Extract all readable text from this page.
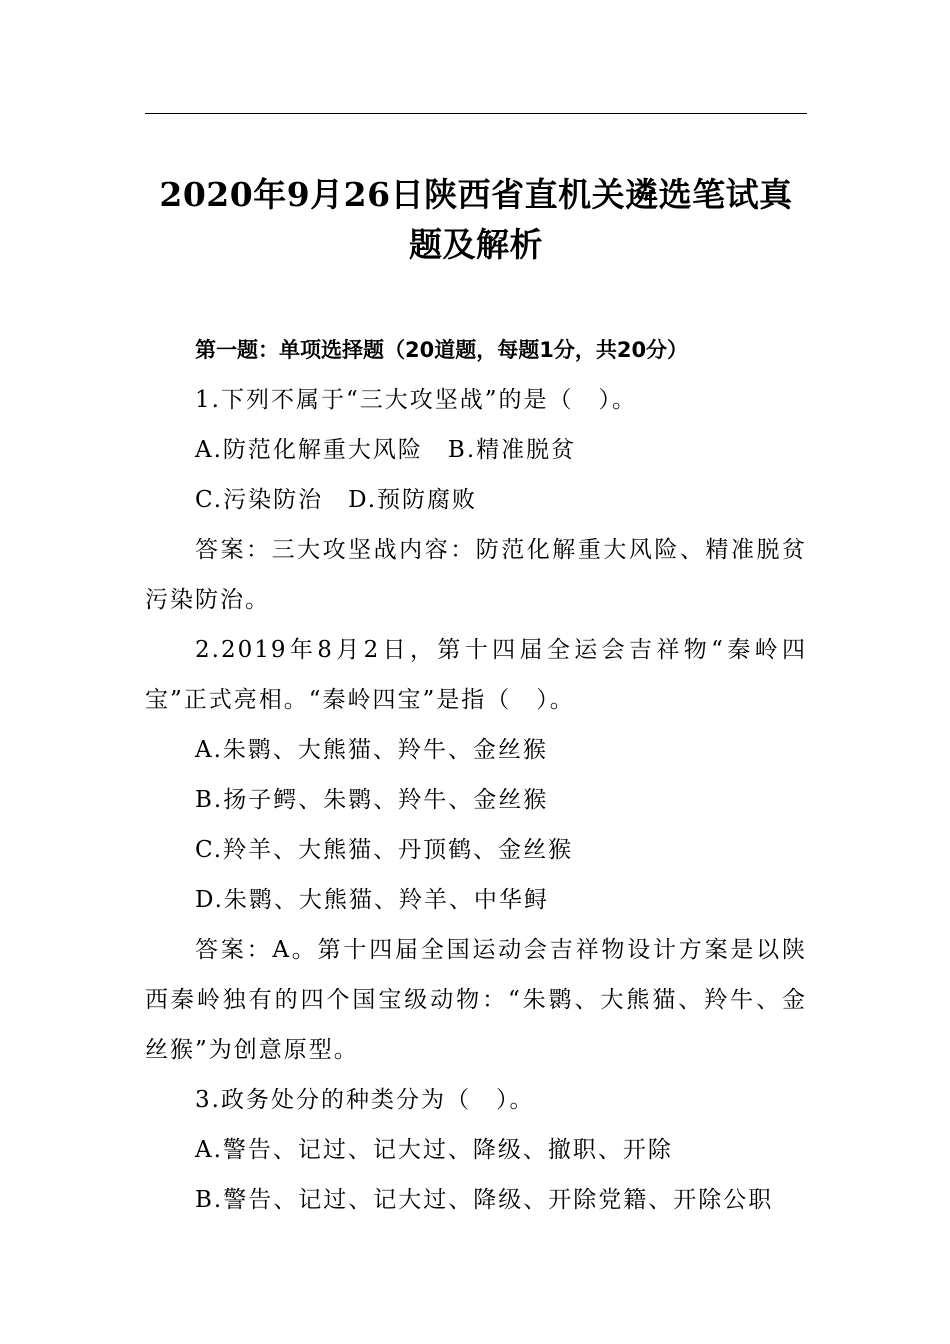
2020年9月26日陕西省直机关遴选笔试真
题及解析
第一题：单项选择题（20道题，每题1分，共20分）
1.下列不属于“三大攻坚战”的是（　）。
A.防范化解重大风险　B.精准脱贫
C.污染防治　D.预防腐败
答案：三大攻坚战内容：防范化解重大风险、精准脱贫
污染防治。
2.2019年8月2日，第十四届全运会吉祥物“秦岭四
宝”正式亮相。“秦岭四宝”是指（　）。
A.朱鹮、大熊猫、羚牛、金丝猴
B.扬子鳄、朱鹮、羚牛、金丝猴
C.羚羊、大熊猫、丹顶鹤、金丝猴
D.朱鹮、大熊猫、羚羊、中华鲟
答案：A。第十四届全国运动会吉祥物设计方案是以陕
西秦岭独有的四个国宝级动物：“朱鹮、大熊猫、羚牛、金
丝猴”为创意原型。
3.政务处分的种类分为（　）。
A.警告、记过、记大过、降级、撤职、开除
B.警告、记过、记大过、降级、开除党籍、开除公职
